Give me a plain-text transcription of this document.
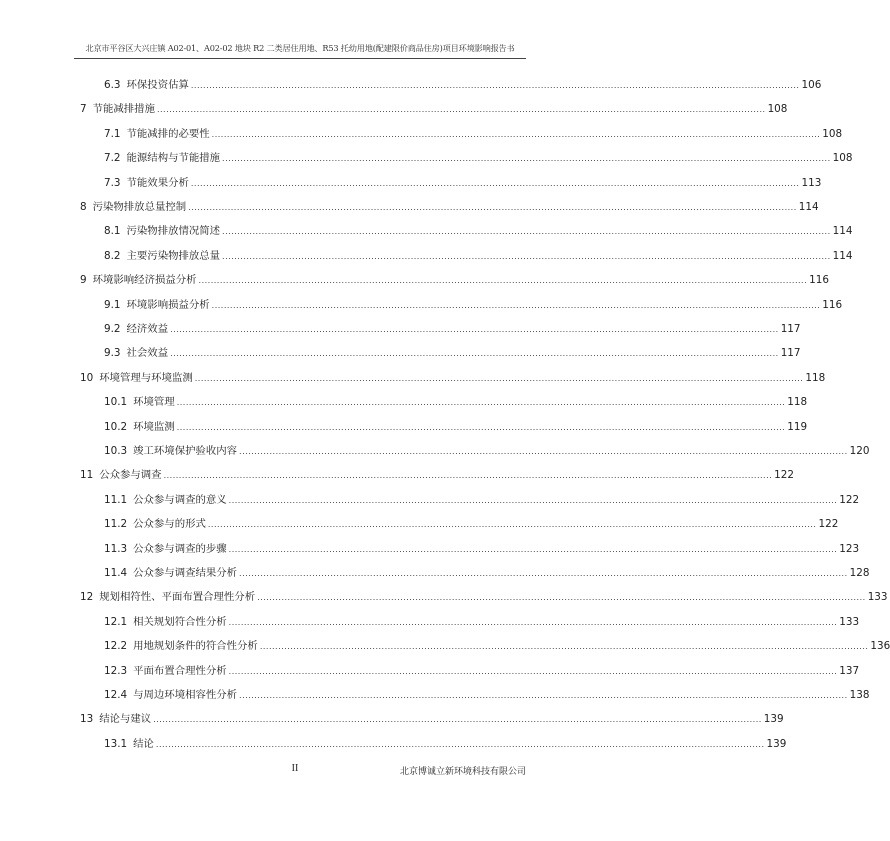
北京市平谷区大兴庄镇 A02-01、A02-02 地块 R2 二类居住用地、R53 托幼用地(配建限价商品住房)项目环境影响报告书
6.3 环保投资估算 ........................................................................................................................................................................................................ 106
7 节能减排措施 ........................................................................................................................................................................................................ 108
7.1 节能减排的必要性 ........................................................................................................................................................................................................ 108
7.2 能源结构与节能措施 ........................................................................................................................................................................................................ 108
7.3 节能效果分析 ........................................................................................................................................................................................................ 113
8 污染物排放总量控制 ........................................................................................................................................................................................................ 114
8.1 污染物排放情况简述 ........................................................................................................................................................................................................ 114
8.2 主要污染物排放总量 ........................................................................................................................................................................................................ 114
9 环境影响经济损益分析 ........................................................................................................................................................................................................ 116
9.1 环境影响损益分析 ........................................................................................................................................................................................................ 116
9.2 经济效益 ........................................................................................................................................................................................................ 117
9.3 社会效益 ........................................................................................................................................................................................................ 117
10 环境管理与环境监测 ........................................................................................................................................................................................................ 118
10.1 环境管理 ........................................................................................................................................................................................................ 118
10.2 环境监测 ........................................................................................................................................................................................................ 119
10.3 竣工环境保护验收内容 ........................................................................................................................................................................................................ 120
11 公众参与调查 ........................................................................................................................................................................................................ 122
11.1 公众参与调查的意义 ........................................................................................................................................................................................................ 122
11.2 公众参与的形式 ........................................................................................................................................................................................................ 122
11.3 公众参与调查的步骤 ........................................................................................................................................................................................................ 123
11.4 公众参与调查结果分析 ........................................................................................................................................................................................................ 128
12 规划相符性、平面布置合理性分析 ........................................................................................................................................................................................................ 133
12.1 相关规划符合性分析 ........................................................................................................................................................................................................ 133
12.2 用地规划条件的符合性分析 ........................................................................................................................................................................................................ 136
12.3 平面布置合理性分析 ........................................................................................................................................................................................................ 137
12.4 与周边环境相容性分析 ........................................................................................................................................................................................................ 138
13 结论与建议 ........................................................................................................................................................................................................ 139
13.1 结论 ........................................................................................................................................................................................................ 139
II	北京博诚立新环境科技有限公司
